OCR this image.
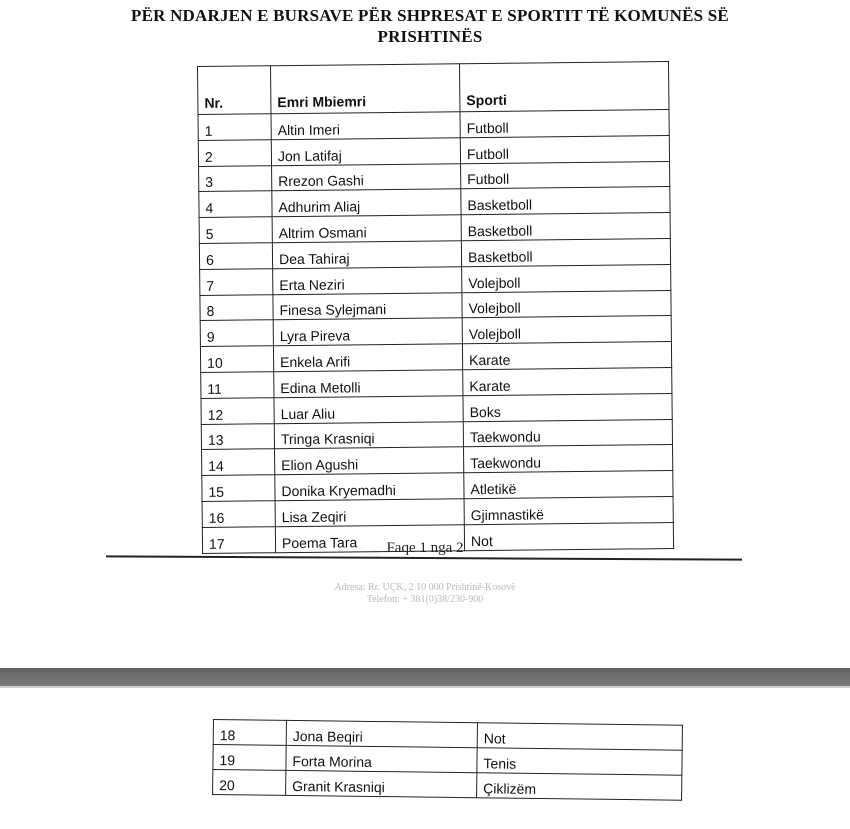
PËR NDARJEN E BURSAVE PËR SHPRESAT E SPORTIT TË KOMUNËS SË
PRISHTINËS
Nr.	Emri Mbiemri	Sporti
1	Altin Imeri	Futboll
2	Jon Latifaj	Futboll
3	Rrezon Gashi	Futboll
4	Adhurim Aliaj	Basketboll
5	Altrim Osmani	Basketboll
6	Dea Tahiraj	Basketboll
7	Erta Neziri	Volejboll
8	Finesa Sylejmani	Volejboll
9	Lyra Pireva	Volejboll
10	Enkela Arifi	Karate
11	Edina Metolli	Karate
12	Luar Aliu	Boks
13	Tringa Krasniqi	Taekwondu
14	Elion Agushi	Taekwondu
15	Donika Kryemadhi	Atletikë
16	Lisa Zeqiri	Gjimnastikë
17	Poema Tara	Not
Faqe 1 nga 2
Adresa: Rr. UÇK, 2 10 000 Prishtinë-Kosovë
Telefon: + 381(0)38/230-900
18	Jona Beqiri	Not
19	Forta Morina	Tenis
20	Granit Krasniqi	Çiklizëm
